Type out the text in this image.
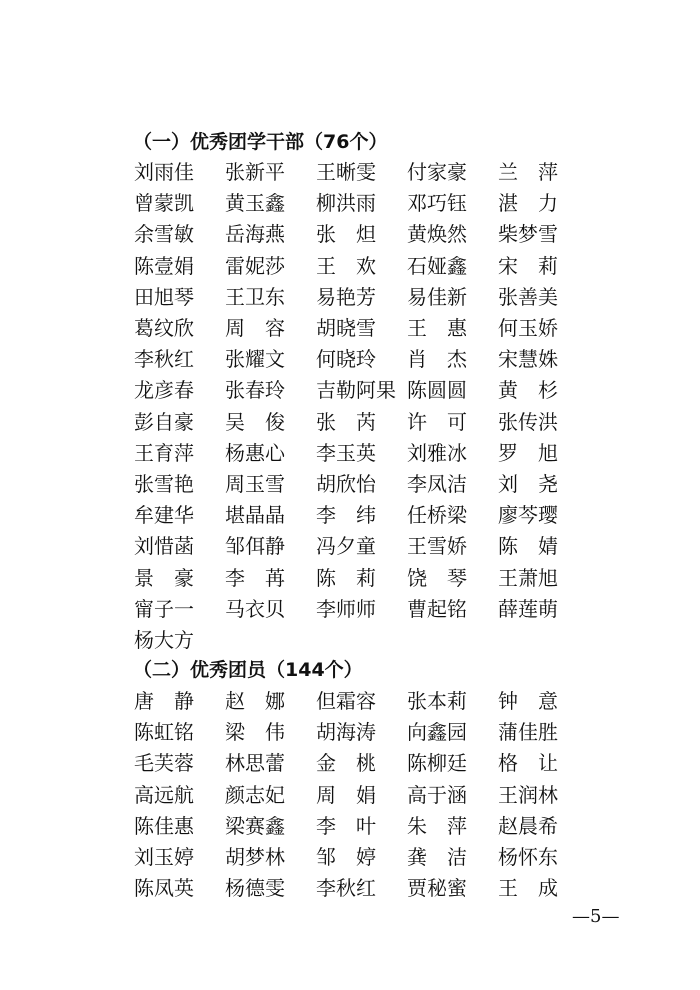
（一）优秀团学干部（76个）
刘雨佳	张新平	王晰雯	付家豪	兰萍
曾蒙凯	黄玉鑫	柳洪雨	邓巧钰	湛力
余雪敏	岳海燕	张炟 黄焕然	柴梦雪
陈壹娟	雷妮莎	王欢 石娅鑫	宋莉
田旭琴	王卫东	易艳芳	易佳新	张善美
葛纹欣	周容 胡晓雪	王惠 何玉娇
李秋红	张耀文	何晓玲	肖杰 宋慧姝
龙彦春	张春玲	吉勒阿果 陈圆圆	黄杉
彭自豪	吴俊 张芮 许可 张传洪
王育萍	杨惠心	李玉英	刘雅冰	罗旭
张雪艳	周玉雪	胡欣怡	李凤洁	刘尧
牟建华	堪晶晶	李纬 任桥梁	廖芩璎
刘惜菡	邹佴静	冯夕童	王雪娇	陈婧
景豪 李苒 陈莉 饶琴 王萧旭
甯子一	马衣贝	李师师	曹起铭	薛莲萌
杨大方
（二）优秀团员（144个）
唐静 赵娜 但霜容	张本莉	钟意
陈虹铭	梁伟 胡海涛	向鑫园	蒲佳胜
毛芙蓉	林思蕾	金桃 陈柳廷	格让
高远航	颜志妃	周娟 高于涵	王润林
陈佳惠	梁赛鑫	李叶 朱萍 赵晨希
刘玉婷	胡梦林	邹婷 龚洁 杨怀东
陈凤英	杨德雯	李秋红	贾秘蜜	王成
—5—
